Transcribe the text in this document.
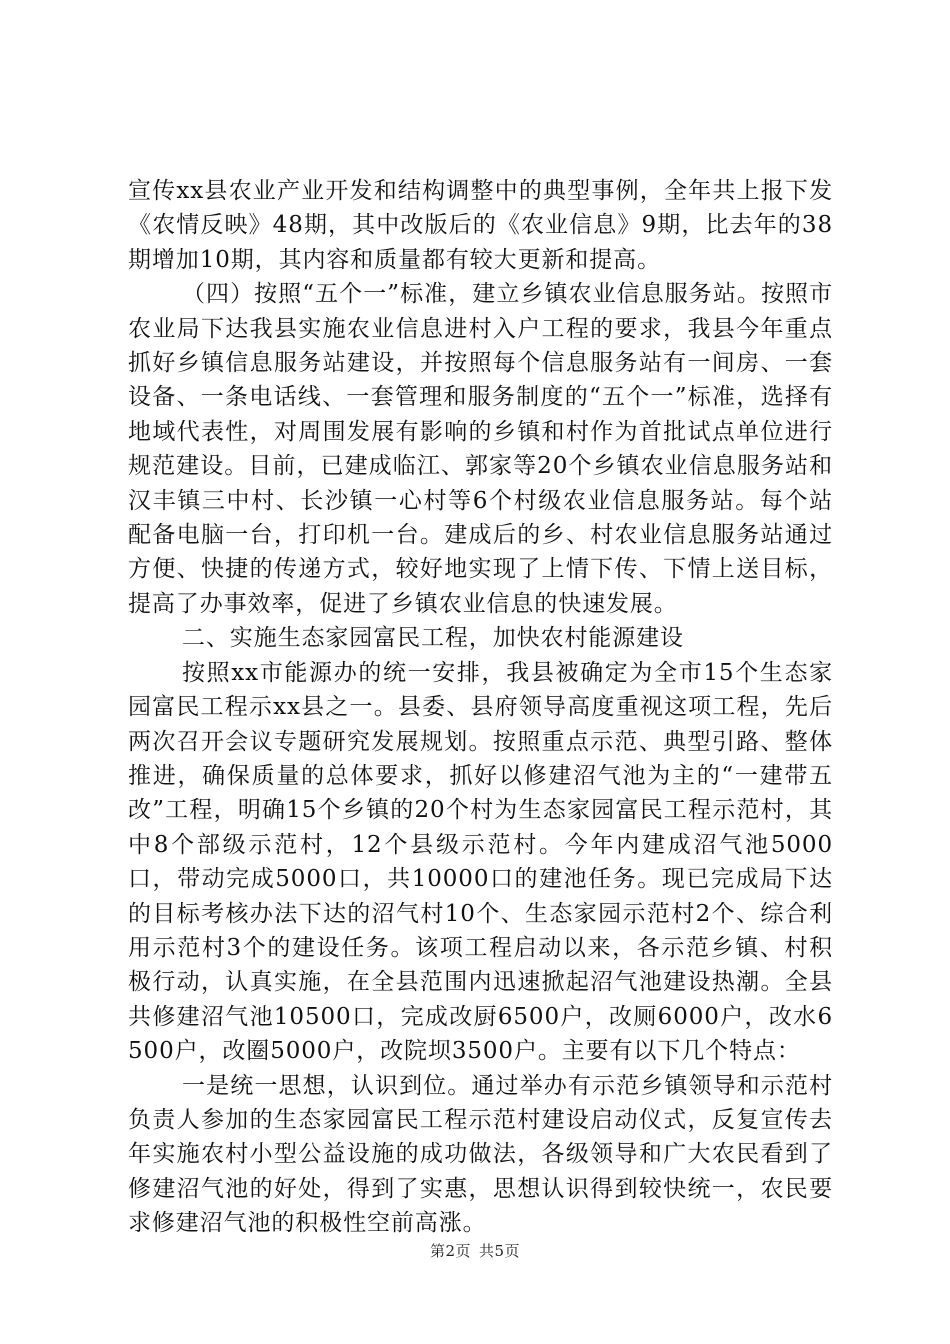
宣传xx县农业产业开发和结构调整中的典型事例，全年共上报下发《农情反映》48期，其中改版后的《农业信息》9期，比去年的38期增加10期，其内容和质量都有较大更新和提高。

（四）按照“五个一”标准，建立乡镇农业信息服务站。按照市农业局下达我县实施农业信息进村入户工程的要求，我县今年重点抓好乡镇信息服务站建设，并按照每个信息服务站有一间房、一套设备、一条电话线、一套管理和服务制度的“五个一”标准，选择有地域代表性，对周围发展有影响的乡镇和村作为首批试点单位进行规范建设。目前，已建成临江、郭家等20个乡镇农业信息服务站和汉丰镇三中村、长沙镇一心村等6个村级农业信息服务站。每个站配备电脑一台，打印机一台。建成后的乡、村农业信息服务站通过方便、快捷的传递方式，较好地实现了上情下传、下情上送目标，提高了办事效率，促进了乡镇农业信息的快速发展。

二、实施生态家园富民工程，加快农村能源建设

按照xx市能源办的统一安排，我县被确定为全市15个生态家园富民工程示xx县之一。县委、县府领导高度重视这项工程，先后两次召开会议专题研究发展规划。按照重点示范、典型引路、整体推进，确保质量的总体要求，抓好以修建沼气池为主的“一建带五改”工程，明确15个乡镇的20个村为生态家园富民工程示范村，其中8个部级示范村，12个县级示范村。今年内建成沼气池5000口，带动完成5000口，共10000口的建池任务。现已完成局下达的目标考核办法下达的沼气村10个、生态家园示范村2个、综合利用示范村3个的建设任务。该项工程启动以来，各示范乡镇、村积极行动，认真实施，在全县范围内迅速掀起沼气池建设热潮。全县共修建沼气池10500口，完成改厨6500户，改厕6000户，改水6500户，改圈5000户，改院坝3500户。主要有以下几个特点：

一是统一思想，认识到位。通过举办有示范乡镇领导和示范村负责人参加的生态家园富民工程示范村建设启动仪式，反复宣传去年实施农村小型公益设施的成功做法，各级领导和广大农民看到了修建沼气池的好处，得到了实惠，思想认识得到较快统一，农民要求修建沼气池的积极性空前高涨。

第2页 共5页
